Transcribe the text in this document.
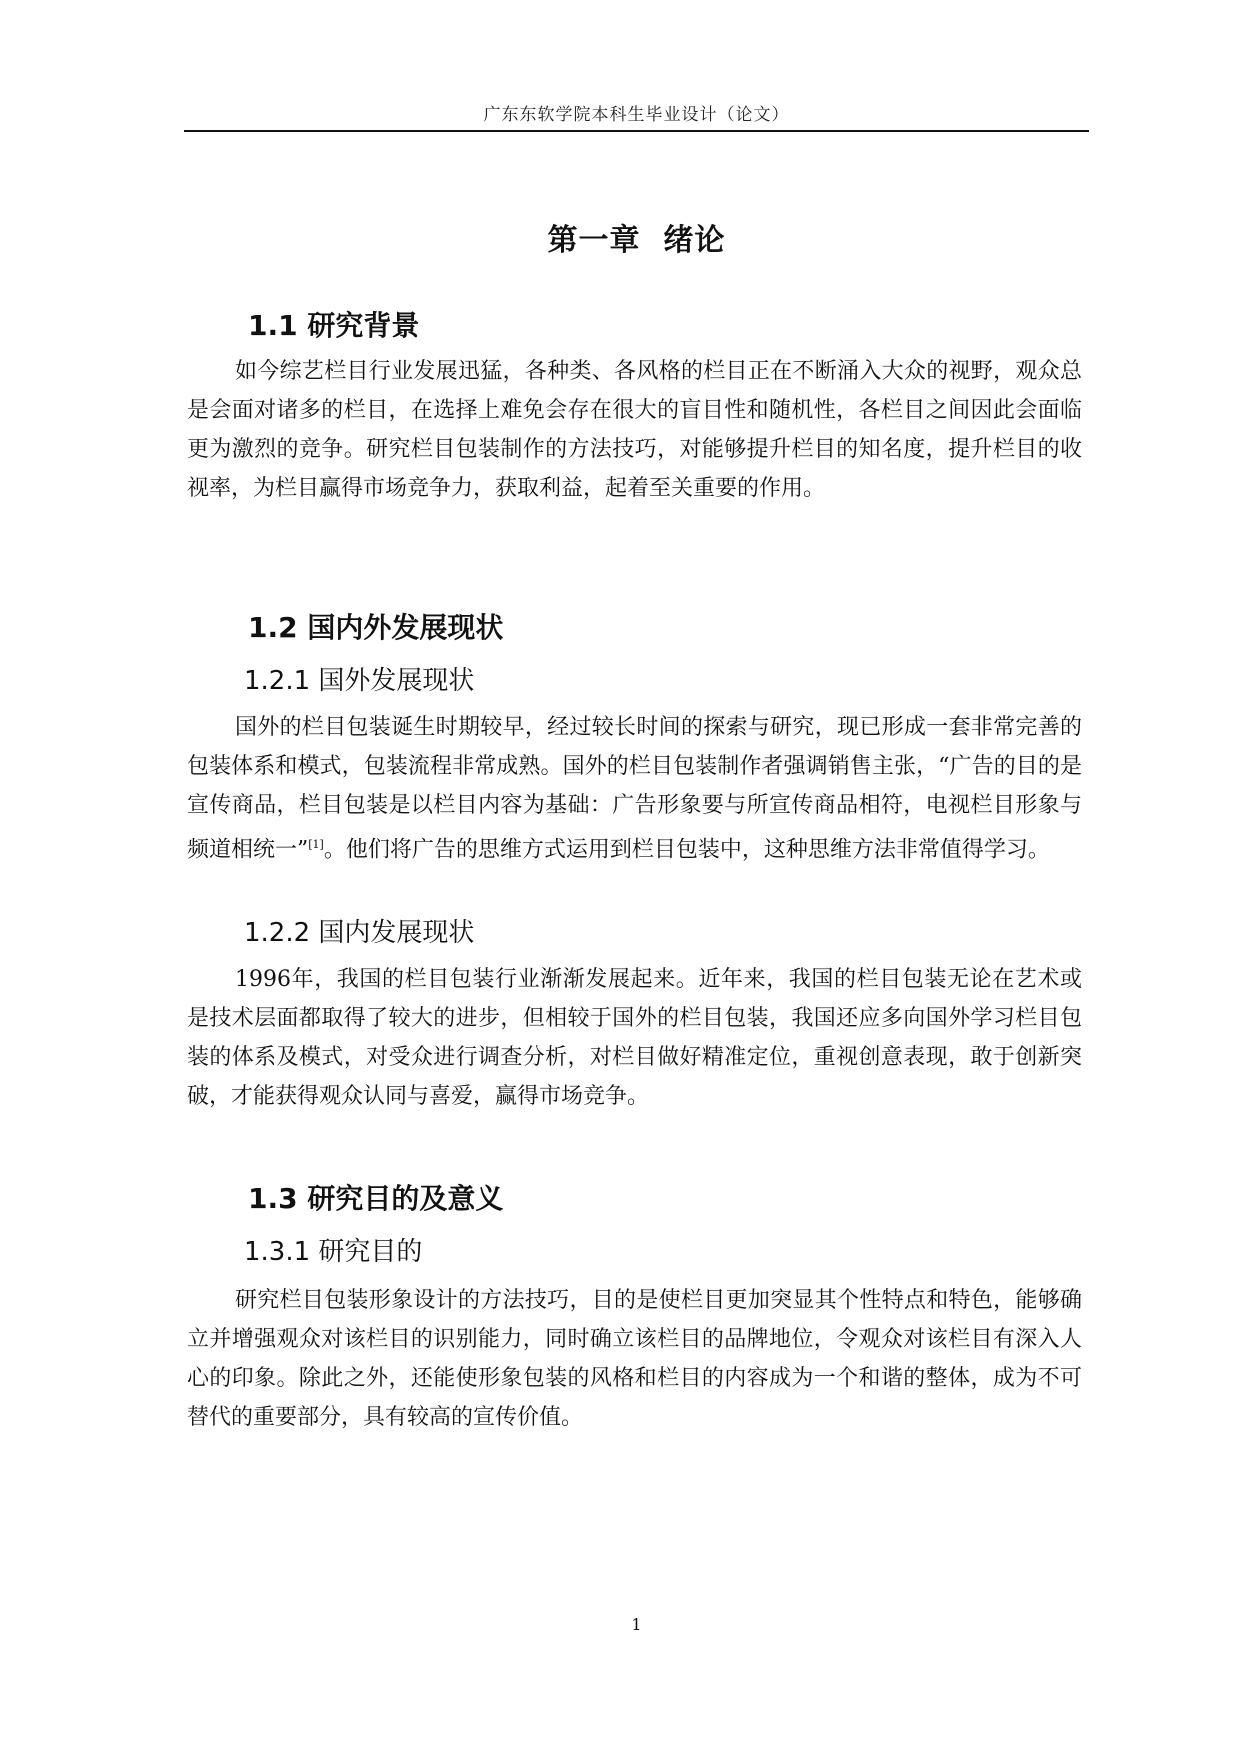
广东东软学院本科生毕业设计（论文）
第一章  绪论
1.1 研究背景

如今综艺栏目行业发展迅猛，各种类、各风格的栏目正在不断涌入大众的视野，观众总是会面对诸多的栏目，在选择上难免会存在很大的盲目性和随机性，各栏目之间因此会面临更为激烈的竞争。研究栏目包装制作的方法技巧，对能够提升栏目的知名度，提升栏目的收视率，为栏目赢得市场竞争力，获取利益，起着至关重要的作用。

1.2 国内外发展现状
1.2.1 国外发展现状

国外的栏目包装诞生时期较早，经过较长时间的探索与研究，现已形成一套非常完善的包装体系和模式，包装流程非常成熟。国外的栏目包装制作者强调销售主张，“广告的目的是宣传商品，栏目包装是以栏目内容为基础：广告形象要与所宣传商品相符，电视栏目形象与频道相统一”[1]。他们将广告的思维方式运用到栏目包装中，这种思维方法非常值得学习。

1.2.2 国内发展现状

1996年，我国的栏目包装行业渐渐发展起来。近年来，我国的栏目包装无论在艺术或是技术层面都取得了较大的进步，但相较于国外的栏目包装，我国还应多向国外学习栏目包装的体系及模式，对受众进行调查分析，对栏目做好精准定位，重视创意表现，敢于创新突破，才能获得观众认同与喜爱，赢得市场竞争。

1.3 研究目的及意义
1.3.1 研究目的

研究栏目包装形象设计的方法技巧，目的是使栏目更加突显其个性特点和特色，能够确立并增强观众对该栏目的识别能力，同时确立该栏目的品牌地位，令观众对该栏目有深入人心的印象。除此之外，还能使形象包装的风格和栏目的内容成为一个和谐的整体，成为不可替代的重要部分，具有较高的宣传价值。

1
